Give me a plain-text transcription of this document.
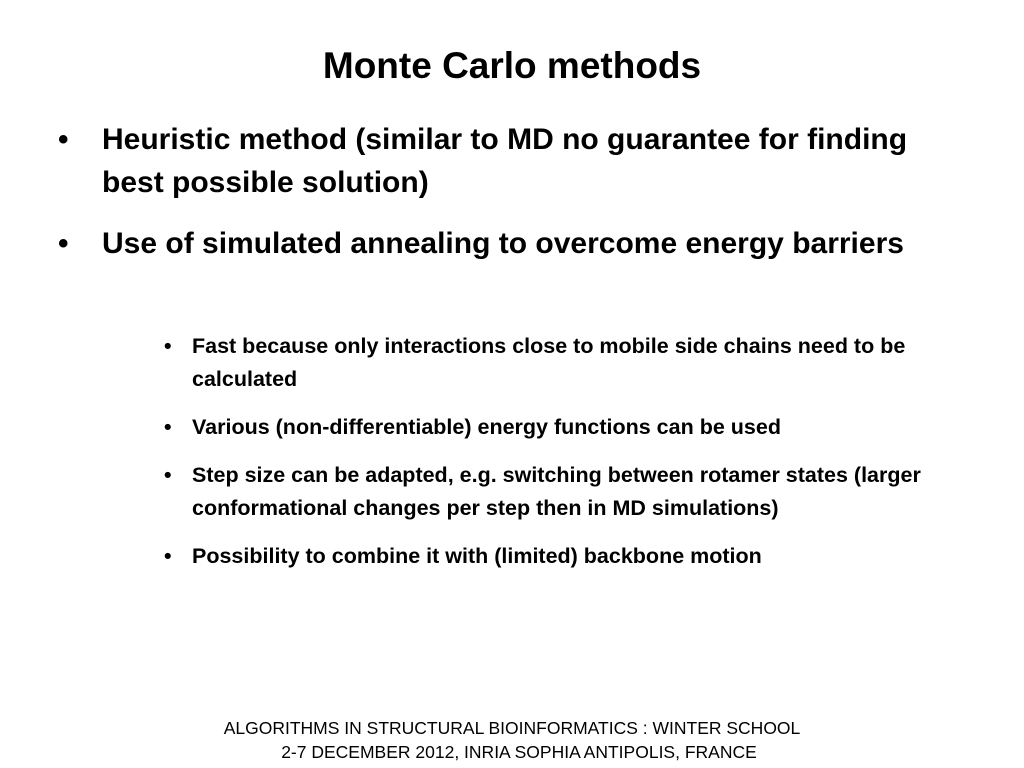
Monte Carlo methods
• Heuristic method (similar to MD no guarantee for finding best possible solution)
• Use of simulated annealing to overcome energy barriers
• Fast because only interactions close to mobile side chains need to be calculated
• Various (non-differentiable) energy functions can be used
• Step size can be adapted, e.g. switching between rotamer states (larger conformational changes per step then in MD simulations)
• Possibility to combine it with (limited) backbone motion
ALGORITHMS IN STRUCTURAL BIOINFORMATICS : WINTER SCHOOL
2-7 DECEMBER 2012, INRIA SOPHIA ANTIPOLIS, FRANCE
